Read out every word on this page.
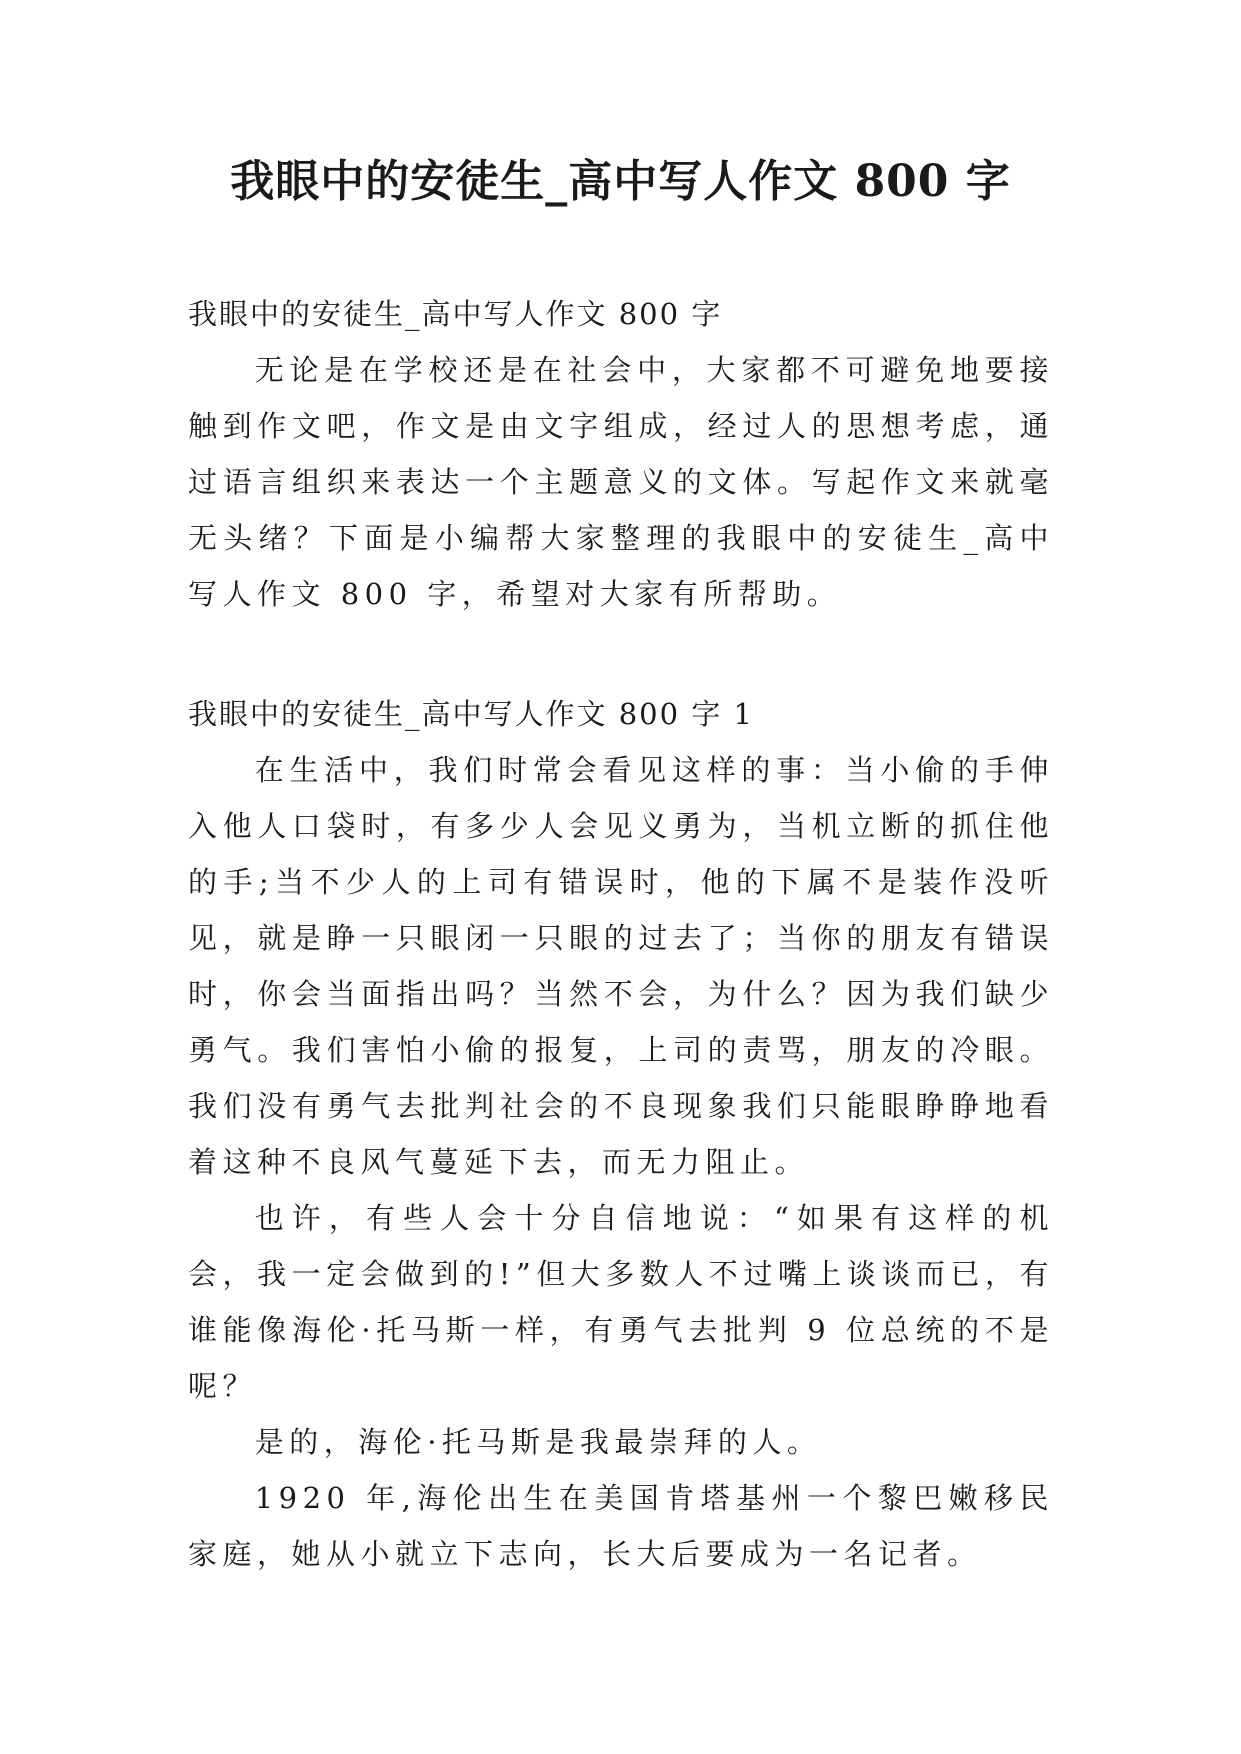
我眼中的安徒生_高中写人作文 800 字

我眼中的安徒生_高中写人作文 800 字

无论是在学校还是在社会中，大家都不可避免地要接触到作文吧，作文是由文字组成，经过人的思想考虑，通过语言组织来表达一个主题意义的文体。写起作文来就毫无头绪？下面是小编帮大家整理的我眼中的安徒生_高中写人作文 800 字，希望对大家有所帮助。

我眼中的安徒生_高中写人作文 800 字 1

在生活中，我们时常会看见这样的事：当小偷的手伸入他人口袋时，有多少人会见义勇为，当机立断的抓住他的手;当不少人的上司有错误时，他的下属不是装作没听见，就是睁一只眼闭一只眼的过去了；当你的朋友有错误时，你会当面指出吗？当然不会，为什么？因为我们缺少勇气。我们害怕小偷的报复，上司的责骂，朋友的冷眼。我们没有勇气去批判社会的不良现象我们只能眼睁睁地看着这种不良风气蔓延下去，而无力阻止。

也许，有些人会十分自信地说：“如果有这样的机会，我一定会做到的!”但大多数人不过嘴上谈谈而已，有谁能像海伦·托马斯一样，有勇气去批判 9 位总统的不是呢？

是的，海伦·托马斯是我最崇拜的人。

1920 年,海伦出生在美国肯塔基州一个黎巴嫩移民家庭，她从小就立下志向，长大后要成为一名记者。
